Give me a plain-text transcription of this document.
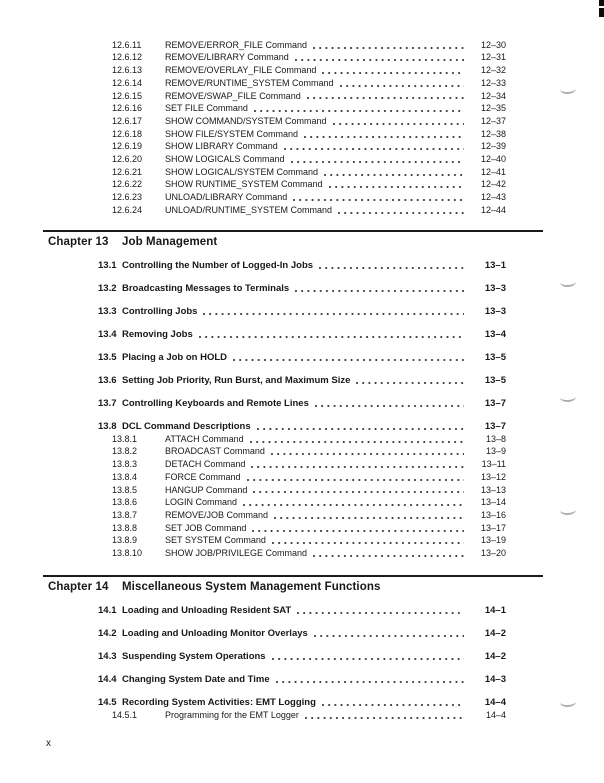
12.6.11	REMOVE/ERROR_FILE Command	12–30
12.6.12	REMOVE/LIBRARY Command	12–31
12.6.13	REMOVE/OVERLAY_FILE Command	12–32
12.6.14	REMOVE/RUNTIME_SYSTEM Command	12–33
12.6.15	REMOVE/SWAP_FILE Command	12–34
12.6.16	SET FILE Command	12–35
12.6.17	SHOW COMMAND/SYSTEM Command	12–37
12.6.18	SHOW FILE/SYSTEM Command	12–38
12.6.19	SHOW LIBRARY Command	12–39
12.6.20	SHOW LOGICALS Command	12–40
12.6.21	SHOW LOGICAL/SYSTEM Command	12–41
12.6.22	SHOW RUNTIME_SYSTEM Command	12–42
12.6.23	UNLOAD/LIBRARY Command	12–43
12.6.24	UNLOAD/RUNTIME_SYSTEM Command	12–44
Chapter 13	Job Management
13.1 Controlling the Number of Logged-In Jobs	13–1
13.2 Broadcasting Messages to Terminals	13–3
13.3 Controlling Jobs	13–3
13.4 Removing Jobs	13–4
13.5 Placing a Job on HOLD	13–5
13.6 Setting Job Priority, Run Burst, and Maximum Size	13–5
13.7 Controlling Keyboards and Remote Lines	13–7
13.8 DCL Command Descriptions	13–7
13.8.1	ATTACH Command	13–8
13.8.2	BROADCAST Command	13–9
13.8.3	DETACH Command	13–11
13.8.4	FORCE Command	13–12
13.8.5	HANGUP Command	13–13
13.8.6	LOGIN Command	13–14
13.8.7	REMOVE/JOB Command	13–16
13.8.8	SET JOB Command	13–17
13.8.9	SET SYSTEM Command	13–19
13.8.10	SHOW JOB/PRIVILEGE Command	13–20
Chapter 14	Miscellaneous System Management Functions
14.1 Loading and Unloading Resident SAT	14–1
14.2 Loading and Unloading Monitor Overlays	14–2
14.3 Suspending System Operations	14–2
14.4 Changing System Date and Time	14–3
14.5 Recording System Activities: EMT Logging	14–4
14.5.1	Programming for the EMT Logger	14–4
x
